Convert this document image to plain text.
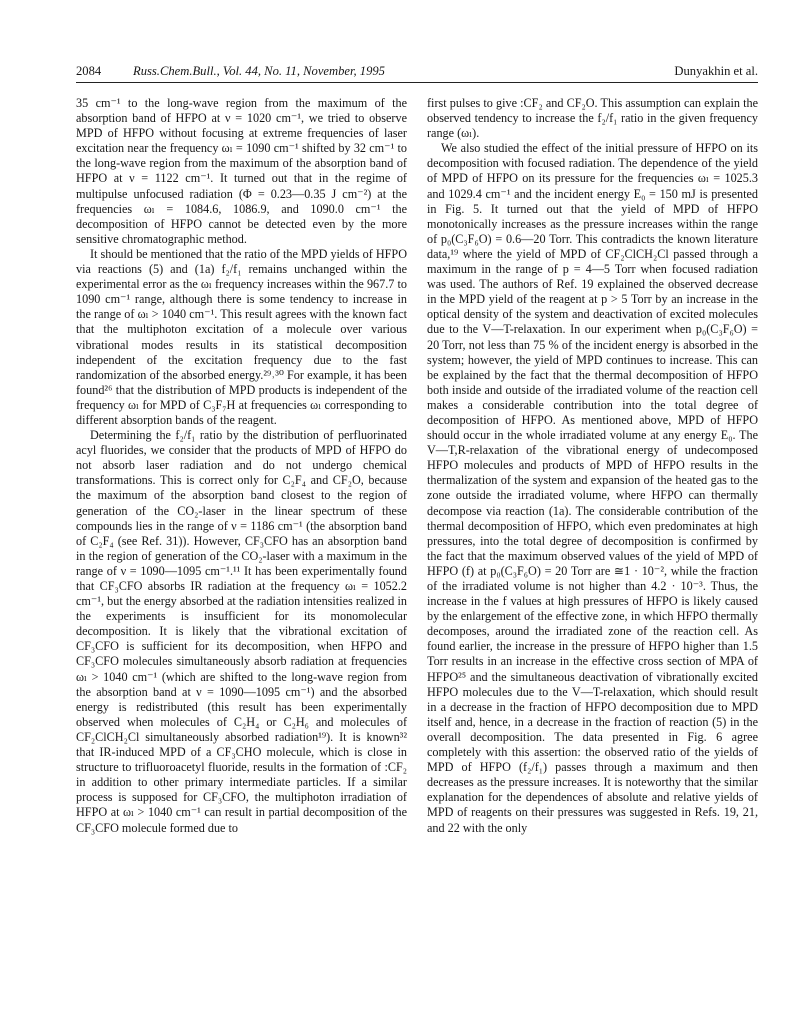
2084	Russ.Chem.Bull., Vol. 44, No. 11, November, 1995	Dunyakhin et al.

35 cm⁻¹ to the long-wave region from the maximum of the absorption band of HFPO at ν = 1020 cm⁻¹, we tried to observe MPD of HFPO without focusing at extreme frequencies of laser excitation near the frequency ωₗ = 1090 cm⁻¹ shifted by 32 cm⁻¹ to the long-wave region from the maximum of the absorption band of HFPO at ν = 1122 cm⁻¹. It turned out that in the regime of multipulse unfocused radiation (Φ = 0.23—0.35 J cm⁻²) at the frequencies ωₗ = 1084.6, 1086.9, and 1090.0 cm⁻¹ the decomposition of HFPO cannot be detected even by the more sensitive chromatographic method.

It should be mentioned that the ratio of the MPD yields of HFPO via reactions (5) and (1a) f₂/f₁ remains unchanged within the experimental error as the ωₗ frequency increases within the 967.7 to 1090 cm⁻¹ range, although there is some tendency to increase in the range of ωₗ > 1040 cm⁻¹. This result agrees with the known fact that the multiphoton excitation of a molecule over various vibrational modes results in its statistical decomposition independent of the excitation frequency due to the fast randomization of the absorbed energy.²⁹˒³⁰ For example, it has been found²⁶ that the distribution of MPD products is independent of the frequency ωₗ for MPD of C₃F₇H at frequencies ωₗ corresponding to different absorption bands of the reagent.

Determining the f₂/f₁ ratio by the distribution of perfluorinated acyl fluorides, we consider that the products of MPD of HFPO do not absorb laser radiation and do not undergo chemical transformations. This is correct only for C₂F₄ and CF₂O, because the maximum of the absorption band closest to the region of generation of the CO₂-laser in the linear spectrum of these compounds lies in the range of ν = 1186 cm⁻¹ (the absorption band of C₂F₄ (see Ref. 31)). However, CF₃CFO has an absorption band in the region of generation of the CO₂-laser with a maximum in the range of ν = 1090—1095 cm⁻¹.¹¹ It has been experimentally found that CF₃CFO absorbs IR radiation at the frequency ωₗ = 1052.2 cm⁻¹, but the energy absorbed at the radiation intensities realized in the experiments is insufficient for its monomolecular decomposition. It is likely that the vibrational excitation of CF₃CFO is sufficient for its decomposition, when HFPO and CF₃CFO molecules simultaneously absorb radiation at frequencies ωₗ > 1040 cm⁻¹ (which are shifted to the long-wave region from the absorption band at ν = 1090—1095 cm⁻¹) and the absorbed energy is redistributed (this result has been experimentally observed when molecules of C₂H₄ or C₂H₆ and molecules of CF₂ClCH₂Cl simultaneously absorbed radiation¹⁹). It is known³² that IR-induced MPD of a CF₃CHO molecule, which is close in structure to trifluoroacetyl fluoride, results in the formation of :CF₂ in addition to other primary intermediate particles. If a similar process is supposed for CF₃CFO, the multiphoton irradiation of HFPO at ωₗ > 1040 cm⁻¹ can result in partial decomposition of the CF₃CFO molecule formed due to

first pulses to give :CF₂ and CF₂O. This assumption can explain the observed tendency to increase the f₂/f₁ ratio in the given frequency range (ωₗ).

We also studied the effect of the initial pressure of HFPO on its decomposition with focused radiation. The dependence of the yield of MPD of HFPO on its pressure for the frequencies ωₗ = 1025.3 and 1029.4 cm⁻¹ and the incident energy E₀ = 150 mJ is presented in Fig. 5. It turned out that the yield of MPD of HFPO monotonically increases as the pressure increases within the range of p₀(C₃F₆O) = 0.6—20 Torr. This contradicts the known literature data,¹⁹ where the yield of MPD of CF₂ClCH₂Cl passed through a maximum in the range of p = 4—5 Torr when focused radiation was used. The authors of Ref. 19 explained the observed decrease in the MPD yield of the reagent at p > 5 Torr by an increase in the optical density of the system and deactivation of excited molecules due to the V—T-relaxation. In our experiment when p₀(C₃F₆O) = 20 Torr, not less than 75 % of the incident energy is absorbed in the system; however, the yield of MPD continues to increase. This can be explained by the fact that the thermal decomposition of HFPO both inside and outside of the irradiated volume of the reaction cell makes a considerable contribution into the total degree of decomposition of HFPO. As mentioned above, MPD of HFPO should occur in the whole irradiated volume at any energy E₀. The V—T,R-relaxation of the vibrational energy of undecomposed HFPO molecules and products of MPD of HFPO results in the thermalization of the system and expansion of the heated gas to the zone outside the irradiated volume, where HFPO can thermally decompose via reaction (1a). The considerable contribution of the thermal decomposition of HFPO, which even predominates at high pressures, into the total degree of decomposition is confirmed by the fact that the maximum observed values of the yield of MPD of HFPO (f) at p₀(C₃F₆O) = 20 Torr are ≅1 · 10⁻², while the fraction of the irradiated volume is not higher than 4.2 · 10⁻³. Thus, the increase in the f values at high pressures of HFPO is likely caused by the enlargement of the effective zone, in which HFPO thermally decomposes, around the irradiated zone of the reaction cell. As found earlier, the increase in the pressure of HFPO higher than 1.5 Torr results in an increase in the effective cross section of MPA of HFPO²⁵ and the simultaneous deactivation of vibrationally excited HFPO molecules due to the V—T-relaxation, which should result in a decrease in the fraction of HFPO decomposition due to MPD itself and, hence, in a decrease in the fraction of reaction (5) in the overall decomposition. The data presented in Fig. 6 agree completely with this assertion: the observed ratio of the yields of MPD of HFPO (f₂/f₁) passes through a maximum and then decreases as the pressure increases. It is noteworthy that the similar explanation for the dependences of absolute and relative yields of MPD of reagents on their pressures was suggested in Refs. 19, 21, and 22 with the only
